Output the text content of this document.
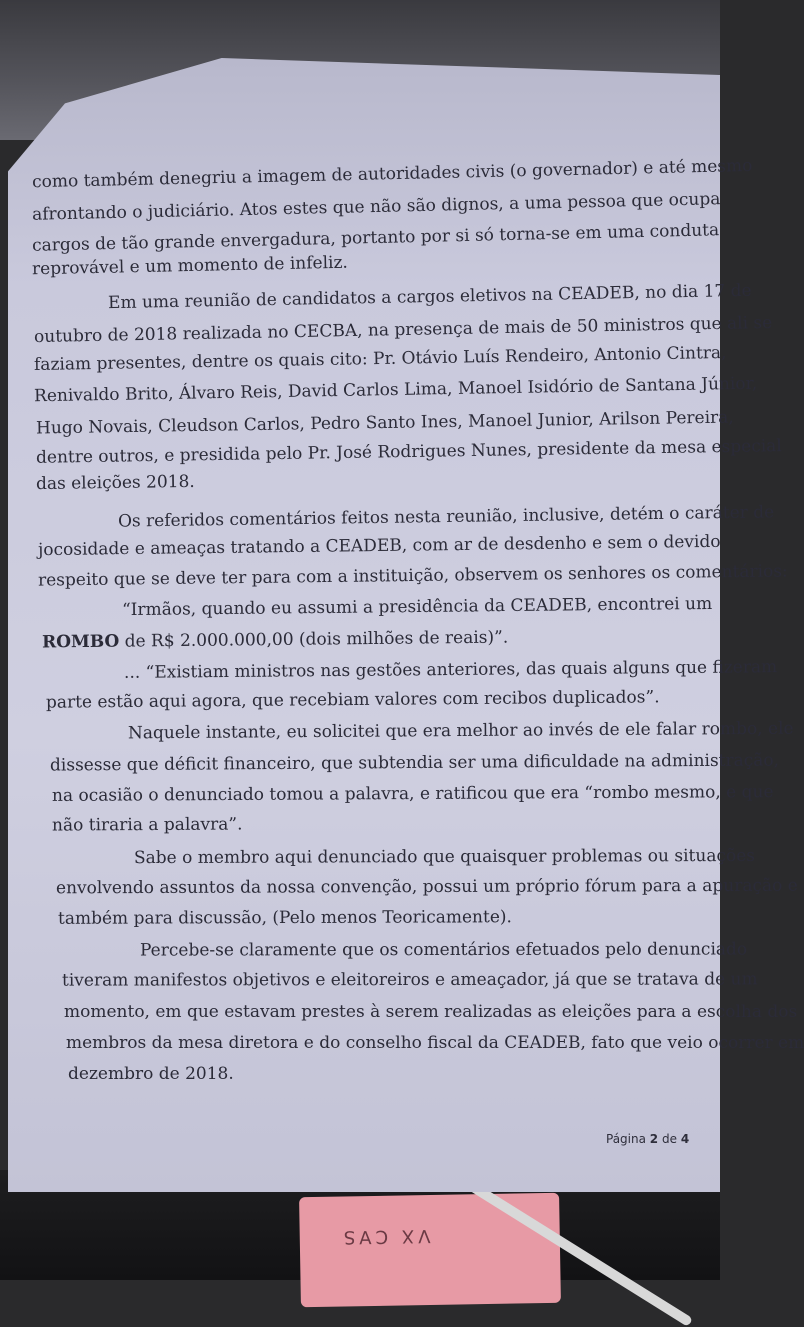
VX C∀S
como também denegriu a imagem de autoridades civis (o governador) e até mesmo
afrontando o judiciário. Atos estes que não são dignos, a uma pessoa que ocupa
cargos de tão grande envergadura, portanto por si só torna-se em uma conduta
reprovável e um momento de infeliz.
Em uma reunião de candidatos a cargos eletivos na CEADEB, no dia 17 de
outubro de 2018 realizada no CECBA, na presença de mais de 50 ministros que ali se
faziam presentes, dentre os quais cito: Pr. Otávio Luís Rendeiro, Antonio Cintra,
Renivaldo Brito, Álvaro Reis, David Carlos Lima, Manoel Isidório de Santana Júnior,
Hugo Novais, Cleudson Carlos, Pedro Santo Ines, Manoel Junior, Arilson Pereira,
dentre outros, e presidida pelo Pr. José Rodrigues Nunes, presidente da mesa especial
das eleições 2018.
Os referidos comentários feitos nesta reunião, inclusive, detém o caráter de
jocosidade e ameaças tratando a CEADEB, com ar de desdenho e sem o devido
respeito que se deve ter para com a instituição, observem os senhores os comentários:
“Irmãos, quando eu assumi a presidência da CEADEB, encontrei um
ROMBO de R$ 2.000.000,00 (dois milhões de reais)”.
... “Existiam ministros nas gestões anteriores, das quais alguns que fizeram
parte estão aqui agora, que recebiam valores com recibos duplicados”.
Naquele instante, eu solicitei que era melhor ao invés de ele falar rombo, ele
dissesse que déficit financeiro, que subtendia ser uma dificuldade na administração,
na ocasião o denunciado tomou a palavra, e ratificou que era “rombo mesmo, e que
não tiraria a palavra”.
Sabe o membro aqui denunciado que quaisquer problemas ou situações
envolvendo assuntos da nossa convenção, possui um próprio fórum para a apuração e
também para discussão, (Pelo menos Teoricamente).
Percebe-se claramente que os comentários efetuados pelo denunciado
tiveram manifestos objetivos e eleitoreiros e ameaçador, já que se tratava de um
momento, em que estavam prestes à serem realizadas as eleições para a escolha dos
membros da mesa diretora e do conselho fiscal da CEADEB, fato que veio ocorrer em
dezembro de 2018.
Página 2 de 4
